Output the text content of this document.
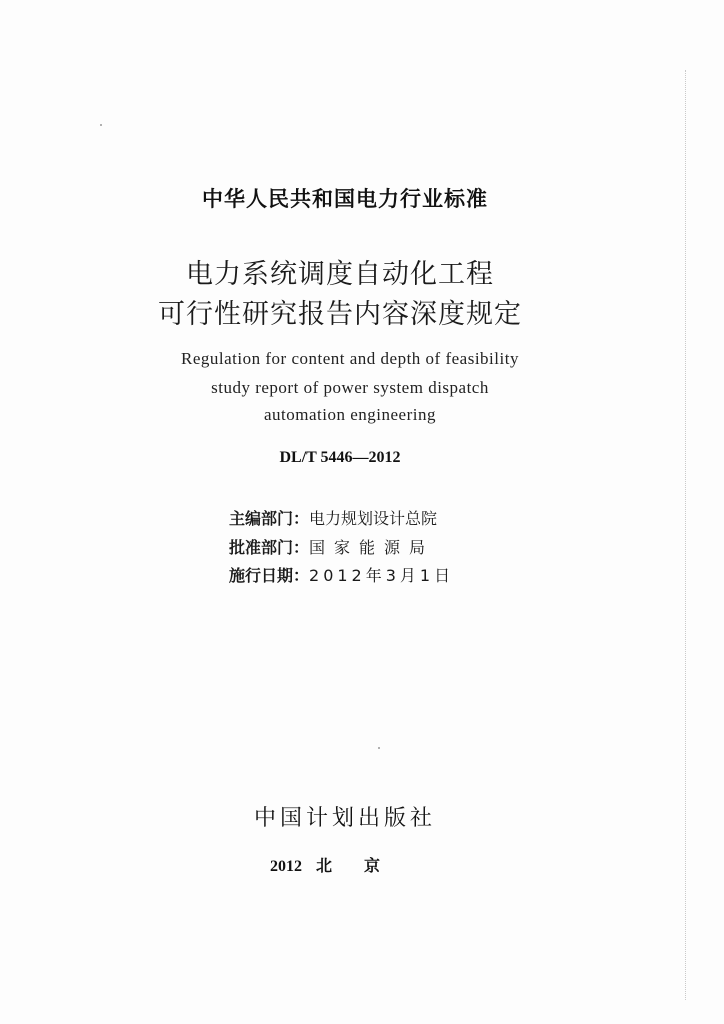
中华人民共和国电力行业标准
电力系统调度自动化工程
可行性研究报告内容深度规定
Regulation for content and depth of feasibility
study report of power system dispatch
automation engineering
DL/T 5446—2012
主编部门：电力规划设计总院
批准部门：国家能源局
施行日期：2012年3月1日
中国计划出版社
2012 北京
